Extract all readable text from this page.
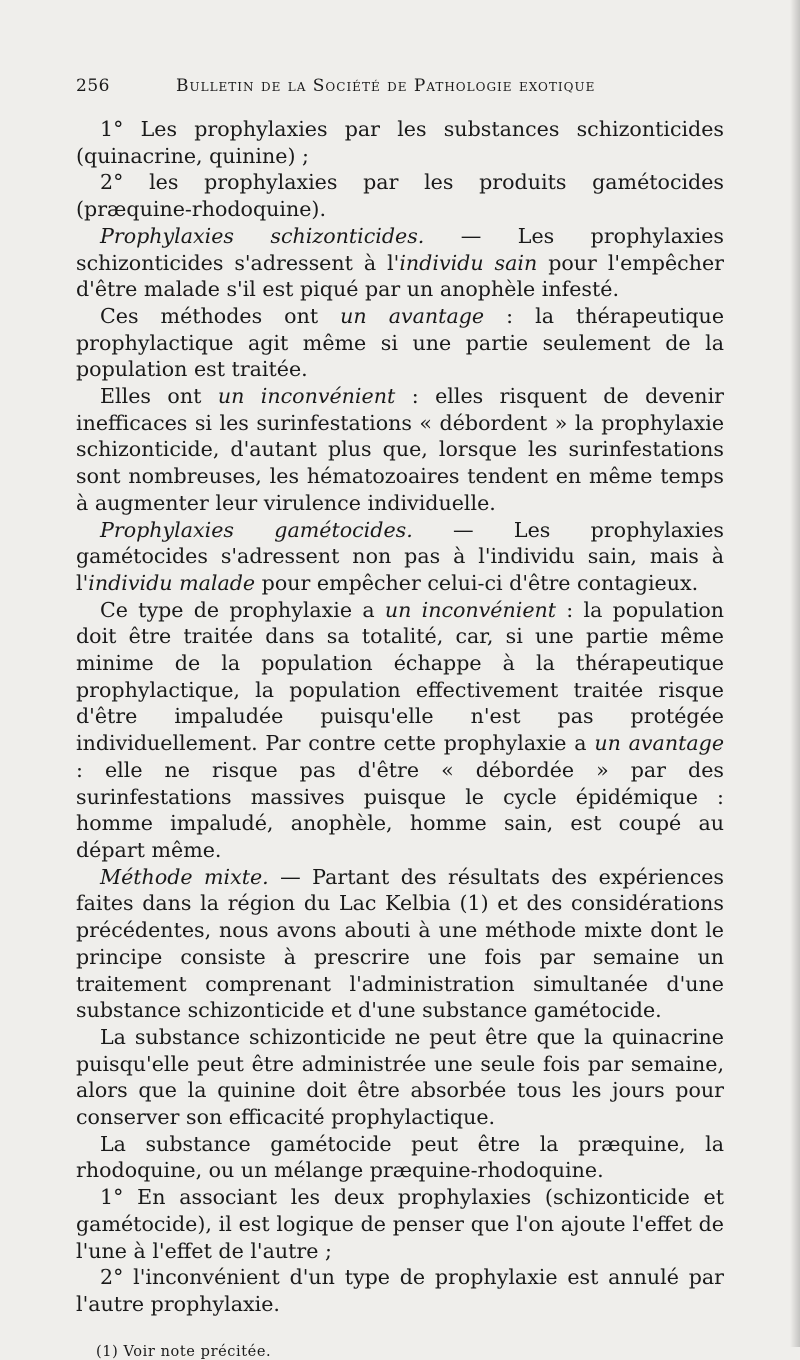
256	Bulletin de la Société de Pathologie exotique

1° Les prophylaxies par les substances schizonticides (quinacrine, quinine) ;

2° les prophylaxies par les produits gamétocides (præquine-rhodoquine).

Prophylaxies schizonticides. — Les prophylaxies schizonticides s'adressent à l'individu sain pour l'empêcher d'être malade s'il est piqué par un anophèle infesté.

Ces méthodes ont un avantage : la thérapeutique prophylactique agit même si une partie seulement de la population est traitée.

Elles ont un inconvénient : elles risquent de devenir inefficaces si les surinfestations « débordent » la prophylaxie schizonticide, d'autant plus que, lorsque les surinfestations sont nombreuses, les hématozoaires tendent en même temps à augmenter leur virulence individuelle.

Prophylaxies gamétocides. — Les prophylaxies gamétocides s'adressent non pas à l'individu sain, mais à l'individu malade pour empêcher celui-ci d'être contagieux.

Ce type de prophylaxie a un inconvénient : la population doit être traitée dans sa totalité, car, si une partie même minime de la population échappe à la thérapeutique prophylactique, la population effectivement traitée risque d'être impaludée puisqu'elle n'est pas protégée individuellement. Par contre cette prophylaxie a un avantage : elle ne risque pas d'être « débordée » par des surinfestations massives puisque le cycle épidémique : homme impaludé, anophèle, homme sain, est coupé au départ même.

Méthode mixte. — Partant des résultats des expériences faites dans la région du Lac Kelbia (1) et des considérations précédentes, nous avons abouti à une méthode mixte dont le principe consiste à prescrire une fois par semaine un traitement comprenant l'administration simultanée d'une substance schizonticide et d'une substance gamétocide.

La substance schizonticide ne peut être que la quinacrine puisqu'elle peut être administrée une seule fois par semaine, alors que la quinine doit être absorbée tous les jours pour conserver son efficacité prophylactique.

La substance gamétocide peut être la præquine, la rhodoquine, ou un mélange præquine-rhodoquine.

1° En associant les deux prophylaxies (schizonticide et gamétocide), il est logique de penser que l'on ajoute l'effet de l'une à l'effet de l'autre ;

2° l'inconvénient d'un type de prophylaxie est annulé par l'autre prophylaxie.

(1) Voir note précitée.
